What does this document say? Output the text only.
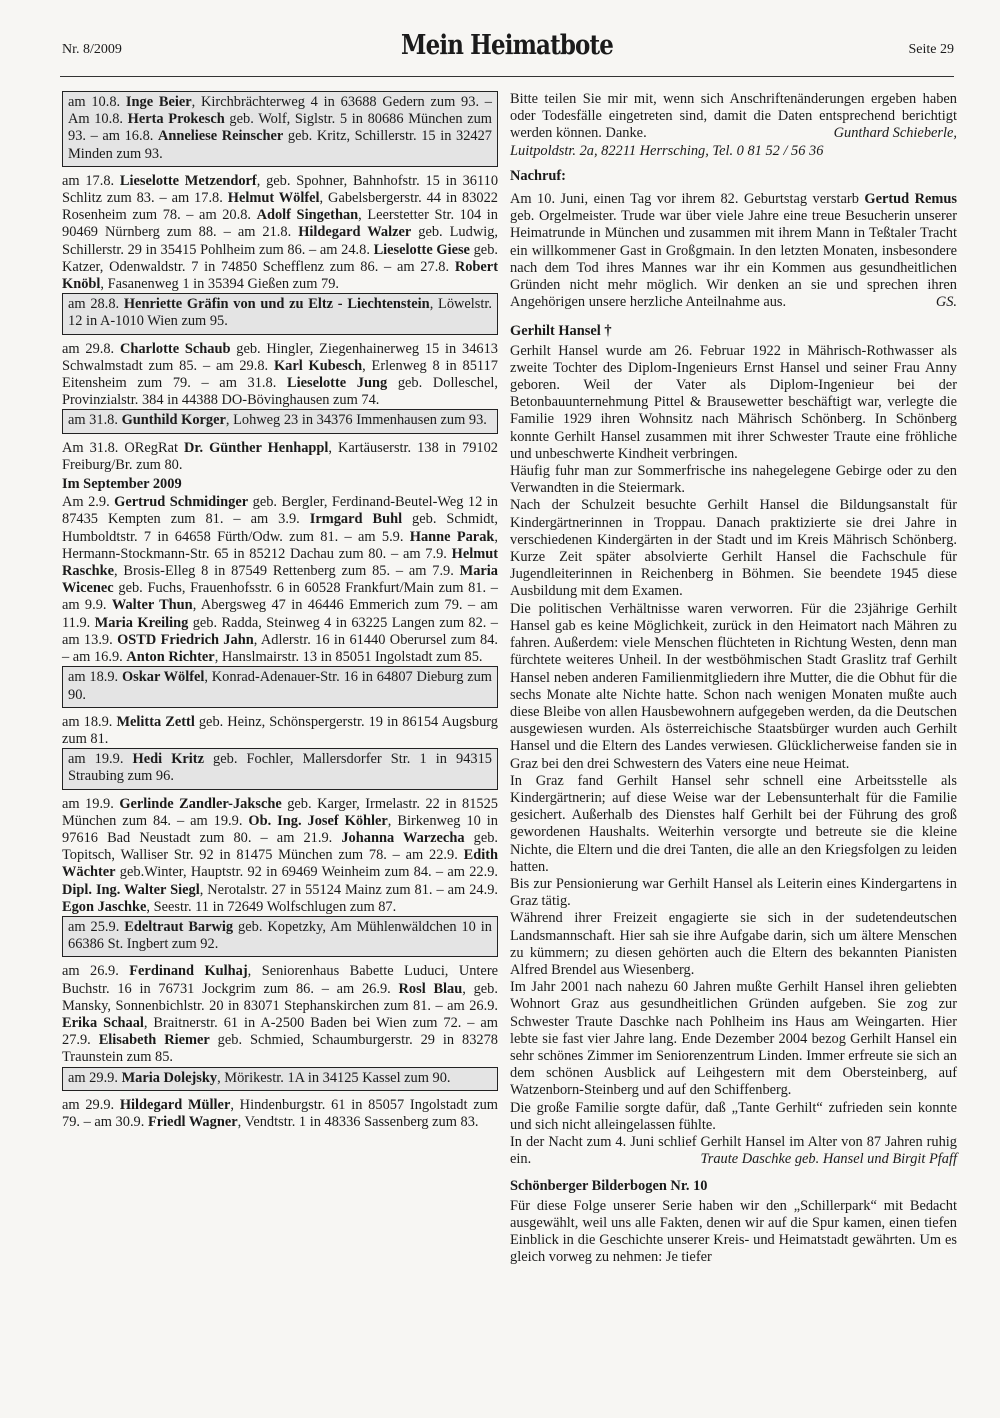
Nr. 8/2009	Mein Heimatbote	Seite 29
am 10.8. Inge Beier, Kirchbrächterweg 4 in 63688 Gedern zum 93. – Am 10.8. Herta Prokesch geb. Wolf, Siglstr. 5 in 80686 München zum 93. – am 16.8. Anneliese Reinscher geb. Kritz, Schillerstr. 15 in 32427 Minden zum 93.

am 17.8. Lieselotte Metzendorf, geb. Spohner, Bahnhofstr. 15 in 36110 Schlitz zum 83. – am 17.8. Helmut Wölfel, Gabelsbergerstr. 44 in 83022 Rosenheim zum 78. – am 20.8. Adolf Singethan, Leerstetter Str. 104 in 90469 Nürnberg zum 88. – am 21.8. Hildegard Walzer geb. Ludwig, Schillerstr. 29 in 35415 Pohlheim zum 86. – am 24.8. Lieselotte Giese geb. Katzer, Odenwaldstr. 7 in 74850 Schefflenz zum 86. – am 27.8. Robert Knöbl, Fasanenweg 1 in 35394 Gießen zum 79.

am 28.8. Henriette Gräfin von und zu Eltz - Liechtenstein, Löwelstr. 12 in A-1010 Wien zum 95.

am 29.8. Charlotte Schaub geb. Hingler, Ziegenhainerweg 15 in 34613 Schwalmstadt zum 85. – am 29.8. Karl Kubesch, Erlenweg 8 in 85117 Eitensheim zum 79. – am 31.8. Lieselotte Jung geb. Dolleschel, Provinzialstr. 384 in 44388 DO-Bövinghausen zum 74.

am 31.8. Gunthild Korger, Lohweg 23 in 34376 Immenhausen zum 93.

Am 31.8. ORegRat Dr. Günther Henhappl, Kartäuserstr. 138 in 79102 Freiburg/Br. zum 80.

Im September 2009

Am 2.9. Gertrud Schmidinger geb. Bergler, Ferdinand-Beutel-Weg 12 in 87435 Kempten zum 81. – am 3.9. Irmgard Buhl geb. Schmidt, Humboldtstr. 7 in 64658 Fürth/Odw. zum 81. – am 5.9. Hanne Parak, Hermann-Stockmann-Str. 65 in 85212 Dachau zum 80. – am 7.9. Helmut Raschke, Brosis-Elleg 8 in 87549 Rettenberg zum 85. – am 7.9. Maria Wicenec geb. Fuchs, Frauenhofsstr. 6 in 60528 Frankfurt/Main zum 81. – am 9.9. Walter Thun, Abergsweg 47 in 46446 Emmerich zum 79. – am 11.9. Maria Kreiling geb. Radda, Steinweg 4 in 63225 Langen zum 82. – am 13.9. OSTD Friedrich Jahn, Adlerstr. 16 in 61440 Oberursel zum 84. – am 16.9. Anton Richter, Hanslmairstr. 13 in 85051 Ingolstadt zum 85.

am 18.9. Oskar Wölfel, Konrad-Adenauer-Str. 16 in 64807 Dieburg zum 90.

am 18.9. Melitta Zettl geb. Heinz, Schönspergerstr. 19 in 86154 Augsburg zum 81.

am 19.9. Hedi Kritz geb. Fochler, Mallersdorfer Str. 1 in 94315 Straubing zum 96.

am 19.9. Gerlinde Zandler-Jaksche geb. Karger, Irmelastr. 22 in 81525 München zum 84. – am 19.9. Ob. Ing. Josef Köhler, Birkenweg 10 in 97616 Bad Neustadt zum 80. – am 21.9. Johanna Warzecha geb. Topitsch, Walliser Str. 92 in 81475 München zum 78. – am 22.9. Edith Wächter geb.Winter, Hauptstr. 92 in 69469 Weinheim zum 84. – am 22.9. Dipl. Ing. Walter Siegl, Nerotalstr. 27 in 55124 Mainz zum 81. – am 24.9. Egon Jaschke, Seestr. 11 in 72649 Wolfschlugen zum 87.

am 25.9. Edeltraut Barwig geb. Kopetzky, Am Mühlenwäldchen 10 in 66386 St. Ingbert zum 92.

am 26.9. Ferdinand Kulhaj, Seniorenhaus Babette Luduci, Untere Buchstr. 16 in 76731 Jockgrim zum 86. – am 26.9. Rosl Blau, geb. Mansky, Sonnenbichlstr. 20 in 83071 Stephanskirchen zum 81. – am 26.9. Erika Schaal, Braitnerstr. 61 in A-2500 Baden bei Wien zum 72. – am 27.9. Elisabeth Riemer geb. Schmied, Schaumburgerstr. 29 in 83278 Traunstein zum 85.

am 29.9. Maria Dolejsky, Mörikestr. 1A in 34125 Kassel zum 90.

am 29.9. Hildegard Müller, Hindenburgstr. 61 in 85057 Ingolstadt zum 79. – am 30.9. Friedl Wagner, Vendtstr. 1 in 48336 Sassenberg zum 83.

Bitte teilen Sie mir mit, wenn sich Anschriftenänderungen ergeben haben oder Todesfälle eingetreten sind, damit die Daten entsprechend berichtigt werden können. Danke.	Gunthard Schieberle,

Luitpoldstr. 2a, 82211 Herrsching, Tel. 0 81 52 / 56 36

Nachruf:

Am 10. Juni, einen Tag vor ihrem 82. Geburtstag verstarb Gertud Remus geb. Orgelmeister. Trude war über viele Jahre eine treue Besucherin unserer Heimatrunde in München und zusammen mit ihrem Mann in Teßtaler Tracht ein willkommener Gast in Großgmain. In den letzten Monaten, insbesondere nach dem Tod ihres Mannes war ihr ein Kommen aus gesundheitlichen Gründen nicht mehr möglich. Wir denken an sie und sprechen ihren Angehörigen unsere herzliche Anteilnahme aus.	GS.

Gerhilt Hansel †

Gerhilt Hansel wurde am 26. Februar 1922 in Mährisch-Rothwasser als zweite Tochter des Diplom-Ingenieurs Ernst Hansel und seiner Frau Anny geboren. Weil der Vater als Diplom-Ingenieur bei der Betonbauunternehmung Pittel & Brausewetter beschäftigt war, verlegte die Familie 1929 ihren Wohnsitz nach Mährisch Schönberg. In Schönberg konnte Gerhilt Hansel zusammen mit ihrer Schwester Traute eine fröhliche und unbeschwerte Kindheit verbringen.

Häufig fuhr man zur Sommerfrische ins nahegelegene Gebirge oder zu den Verwandten in die Steiermark.

Nach der Schulzeit besuchte Gerhilt Hansel die Bildungsanstalt für Kindergärtnerinnen in Troppau. Danach praktizierte sie drei Jahre in verschiedenen Kindergärten in der Stadt und im Kreis Mährisch Schönberg. Kurze Zeit später absolvierte Gerhilt Hansel die Fachschule für Jugendleiterinnen in Reichenberg in Böhmen. Sie beendete 1945 diese Ausbildung mit dem Examen.

Die politischen Verhältnisse waren verworren. Für die 23jährige Gerhilt Hansel gab es keine Möglichkeit, zurück in den Heimatort nach Mähren zu fahren. Außerdem: viele Menschen flüchteten in Richtung Westen, denn man fürchtete weiteres Unheil. In der westböhmischen Stadt Graslitz traf Gerhilt Hansel neben anderen Familienmitgliedern ihre Mutter, die die Obhut für die sechs Monate alte Nichte hatte. Schon nach wenigen Monaten mußte auch diese Bleibe von allen Hausbewohnern aufgegeben werden, da die Deutschen ausgewiesen wurden. Als österreichische Staatsbürger wurden auch Gerhilt Hansel und die Eltern des Landes verwiesen. Glücklicherweise fanden sie in Graz bei den drei Schwestern des Vaters eine neue Heimat.

In Graz fand Gerhilt Hansel sehr schnell eine Arbeitsstelle als Kindergärtnerin; auf diese Weise war der Lebensunterhalt für die Familie gesichert. Außerhalb des Dienstes half Gerhilt bei der Führung des groß gewordenen Haushalts. Weiterhin versorgte und betreute sie die kleine Nichte, die Eltern und die drei Tanten, die alle an den Kriegsfolgen zu leiden hatten.

Bis zur Pensionierung war Gerhilt Hansel als Leiterin eines Kindergartens in Graz tätig.

Während ihrer Freizeit engagierte sie sich in der sudetendeutschen Landsmannschaft. Hier sah sie ihre Aufgabe darin, sich um ältere Menschen zu kümmern; zu diesen gehörten auch die Eltern des bekannten Pianisten Alfred Brendel aus Wiesenberg.

Im Jahr 2001 nach nahezu 60 Jahren mußte Gerhilt Hansel ihren geliebten Wohnort Graz aus gesundheitlichen Gründen aufgeben. Sie zog zur Schwester Traute Daschke nach Pohlheim ins Haus am Weingarten. Hier lebte sie fast vier Jahre lang. Ende Dezember 2004 bezog Gerhilt Hansel ein sehr schönes Zimmer im Seniorenzentrum Linden. Immer erfreute sie sich an dem schönen Ausblick auf Leihgestern mit dem Obersteinberg, auf Watzenborn-Steinberg und auf den Schiffenberg.

Die große Familie sorgte dafür, daß „Tante Gerhilt“ zufrieden sein konnte und sich nicht alleingelassen fühlte.

In der Nacht zum 4. Juni schlief Gerhilt Hansel im Alter von 87 Jahren ruhig ein.	Traute Daschke geb. Hansel und Birgit Pfaff

Schönberger Bilderbogen Nr. 10

Für diese Folge unserer Serie haben wir den „Schillerpark“ mit Bedacht ausgewählt, weil uns alle Fakten, denen wir auf die Spur kamen, einen tiefen Einblick in die Geschichte unserer Kreis- und Heimatstadt gewährten. Um es gleich vorweg zu nehmen: Je tiefer
